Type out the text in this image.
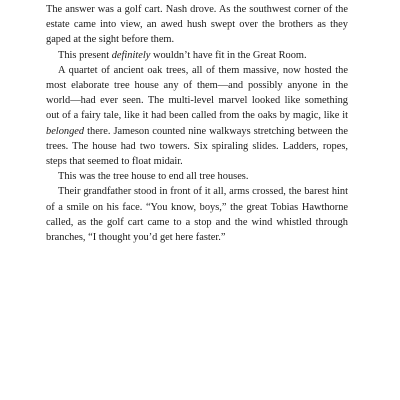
The answer was a golf cart. Nash drove. As the southwest corner of the estate came into view, an awed hush swept over the brothers as they gaped at the sight before them.

This present definitely wouldn’t have fit in the Great Room.

A quartet of ancient oak trees, all of them massive, now hosted the most elaborate tree house any of them—and possibly anyone in the world—had ever seen. The multi-level marvel looked like something out of a fairy tale, like it had been called from the oaks by magic, like it belonged there. Jameson counted nine walkways stretching between the trees. The house had two towers. Six spiraling slides. Ladders, ropes, steps that seemed to float midair.

This was the tree house to end all tree houses.

Their grandfather stood in front of it all, arms crossed, the barest hint of a smile on his face. “You know, boys,” the great Tobias Hawthorne called, as the golf cart came to a stop and the wind whistled through branches, “I thought you’d get here faster.”
